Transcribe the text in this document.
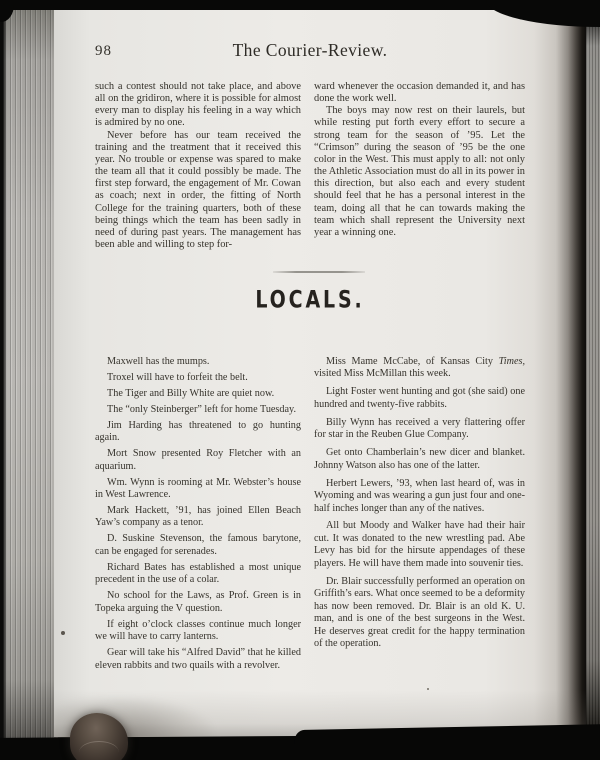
98	The Courier-Review.

such a contest should not take place, and above all on the gridiron, where it is possible for almost every man to display his feeling in a way which is admired by no one.

Never before has our team received the training and the treatment that it received this year. No trouble or expense was spared to make the team all that it could possibly be made. The first step forward, the engagement of Mr. Cowan as coach; next in order, the fitting of North College for the training quarters, both of these being things which the team has been sadly in need of during past years. The management has been able and willing to step for-

ward whenever the occasion demanded it, and has done the work well.

The boys may now rest on their laurels, but while resting put forth every effort to secure a strong team for the season of ’95. Let the “Crimson” during the season of ’95 be the one color in the West. This must apply to all: not only the Athletic Association must do all in its power in this direction, but also each and every student should feel that he has a personal interest in the team, doing all that he can towards making the team which shall represent the University next year a winning one.

LOCALS.

Maxwell has the mumps.

Troxel will have to forfeit the belt.

The Tiger and Billy White are quiet now.

The “only Steinberger” left for home Tuesday.

Jim Harding has threatened to go hunting again.

Mort Snow presented Roy Fletcher with an aquarium.

Wm. Wynn is rooming at Mr. Webster’s house in West Lawrence.

Mark Hackett, ’91, has joined Ellen Beach Yaw’s company as a tenor.

D. Suskine Stevenson, the famous barytone, can be engaged for serenades.

Richard Bates has established a most unique precedent in the use of a colar.

No school for the Laws, as Prof. Green is in Topeka arguing the V question.

If eight o’clock classes continue much longer we will have to carry lanterns.

Gear will take his “Alfred David” that he killed eleven rabbits and two quails with a revolver.

Miss Mame McCabe, of Kansas City Times, visited Miss McMillan this week.

Light Foster went hunting and got (she said) one hundred and twenty-five rabbits.

Billy Wynn has received a very flattering offer for star in the Reuben Glue Company.

Get onto Chamberlain’s new dicer and blanket. Johnny Watson also has one of the latter.

Herbert Lewers, ’93, when last heard of, was in Wyoming and was wearing a gun just four and one-half inches longer than any of the natives.

All but Moody and Walker have had their hair cut. It was donated to the new wrestling pad. Abe Levy has bid for the hirsute appendages of these players. He will have them made into souvenir ties.

Dr. Blair successfully performed an operation on Griffith’s ears. What once seemed to be a deformity has now been removed. Dr. Blair is an old K. U. man, and is one of the best surgeons in the West. He deserves great credit for the happy termination of the operation.
